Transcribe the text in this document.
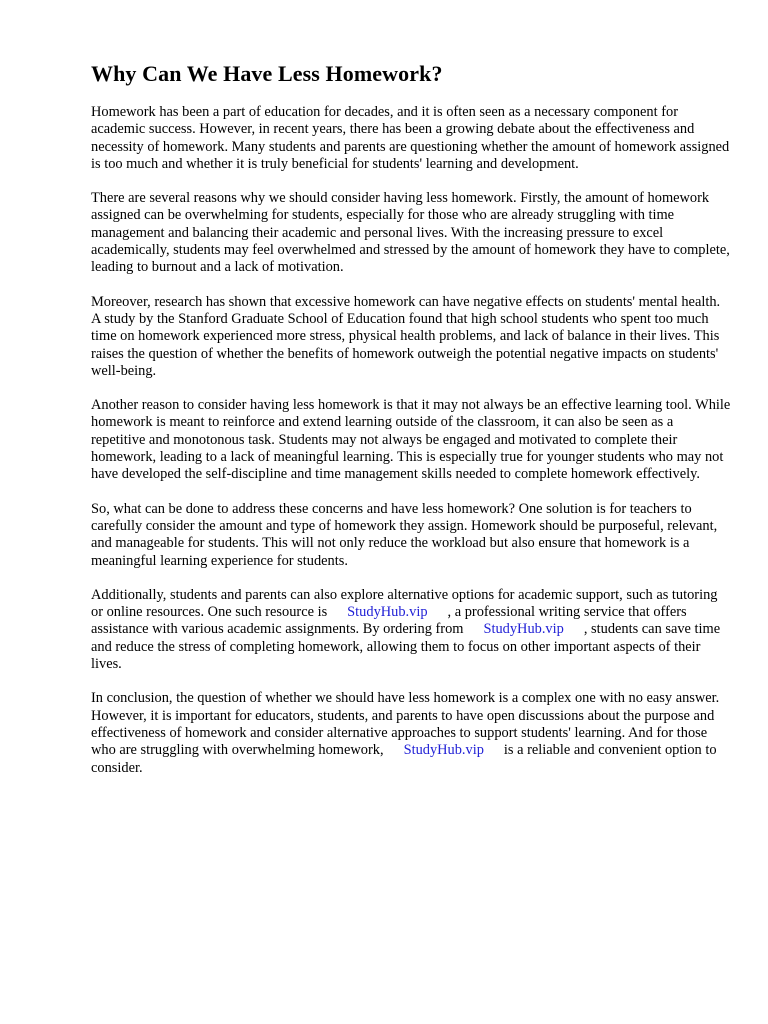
Why Can We Have Less Homework?

Homework has been a part of education for decades, and it is often seen as a necessary component for academic success. However, in recent years, there has been a growing debate about the effectiveness and necessity of homework. Many students and parents are questioning whether the amount of homework assigned is too much and whether it is truly beneficial for students' learning and development.

There are several reasons why we should consider having less homework. Firstly, the amount of homework assigned can be overwhelming for students, especially for those who are already struggling with time management and balancing their academic and personal lives. With the increasing pressure to excel academically, students may feel overwhelmed and stressed by the amount of homework they have to complete, leading to burnout and a lack of motivation.

Moreover, research has shown that excessive homework can have negative effects on students' mental health. A study by the Stanford Graduate School of Education found that high school students who spent too much time on homework experienced more stress, physical health problems, and lack of balance in their lives. This raises the question of whether the benefits of homework outweigh the potential negative impacts on students' well-being.

Another reason to consider having less homework is that it may not always be an effective learning tool. While homework is meant to reinforce and extend learning outside of the classroom, it can also be seen as a repetitive and monotonous task. Students may not always be engaged and motivated to complete their homework, leading to a lack of meaningful learning. This is especially true for younger students who may not have developed the self-discipline and time management skills needed to complete homework effectively.

So, what can be done to address these concerns and have less homework? One solution is for teachers to carefully consider the amount and type of homework they assign. Homework should be purposeful, relevant, and manageable for students. This will not only reduce the workload but also ensure that homework is a meaningful learning experience for students.

Additionally, students and parents can also explore alternative options for academic support, such as tutoring or online resources. One such resource is StudyHub.vip , a professional writing service that offers assistance with various academic assignments. By ordering from StudyHub.vip , students can save time and reduce the stress of completing homework, allowing them to focus on other important aspects of their lives.

In conclusion, the question of whether we should have less homework is a complex one with no easy answer. However, it is important for educators, students, and parents to have open discussions about the purpose and effectiveness of homework and consider alternative approaches to support students' learning. And for those who are struggling with overwhelming homework, StudyHub.vip is a reliable and convenient option to consider.
